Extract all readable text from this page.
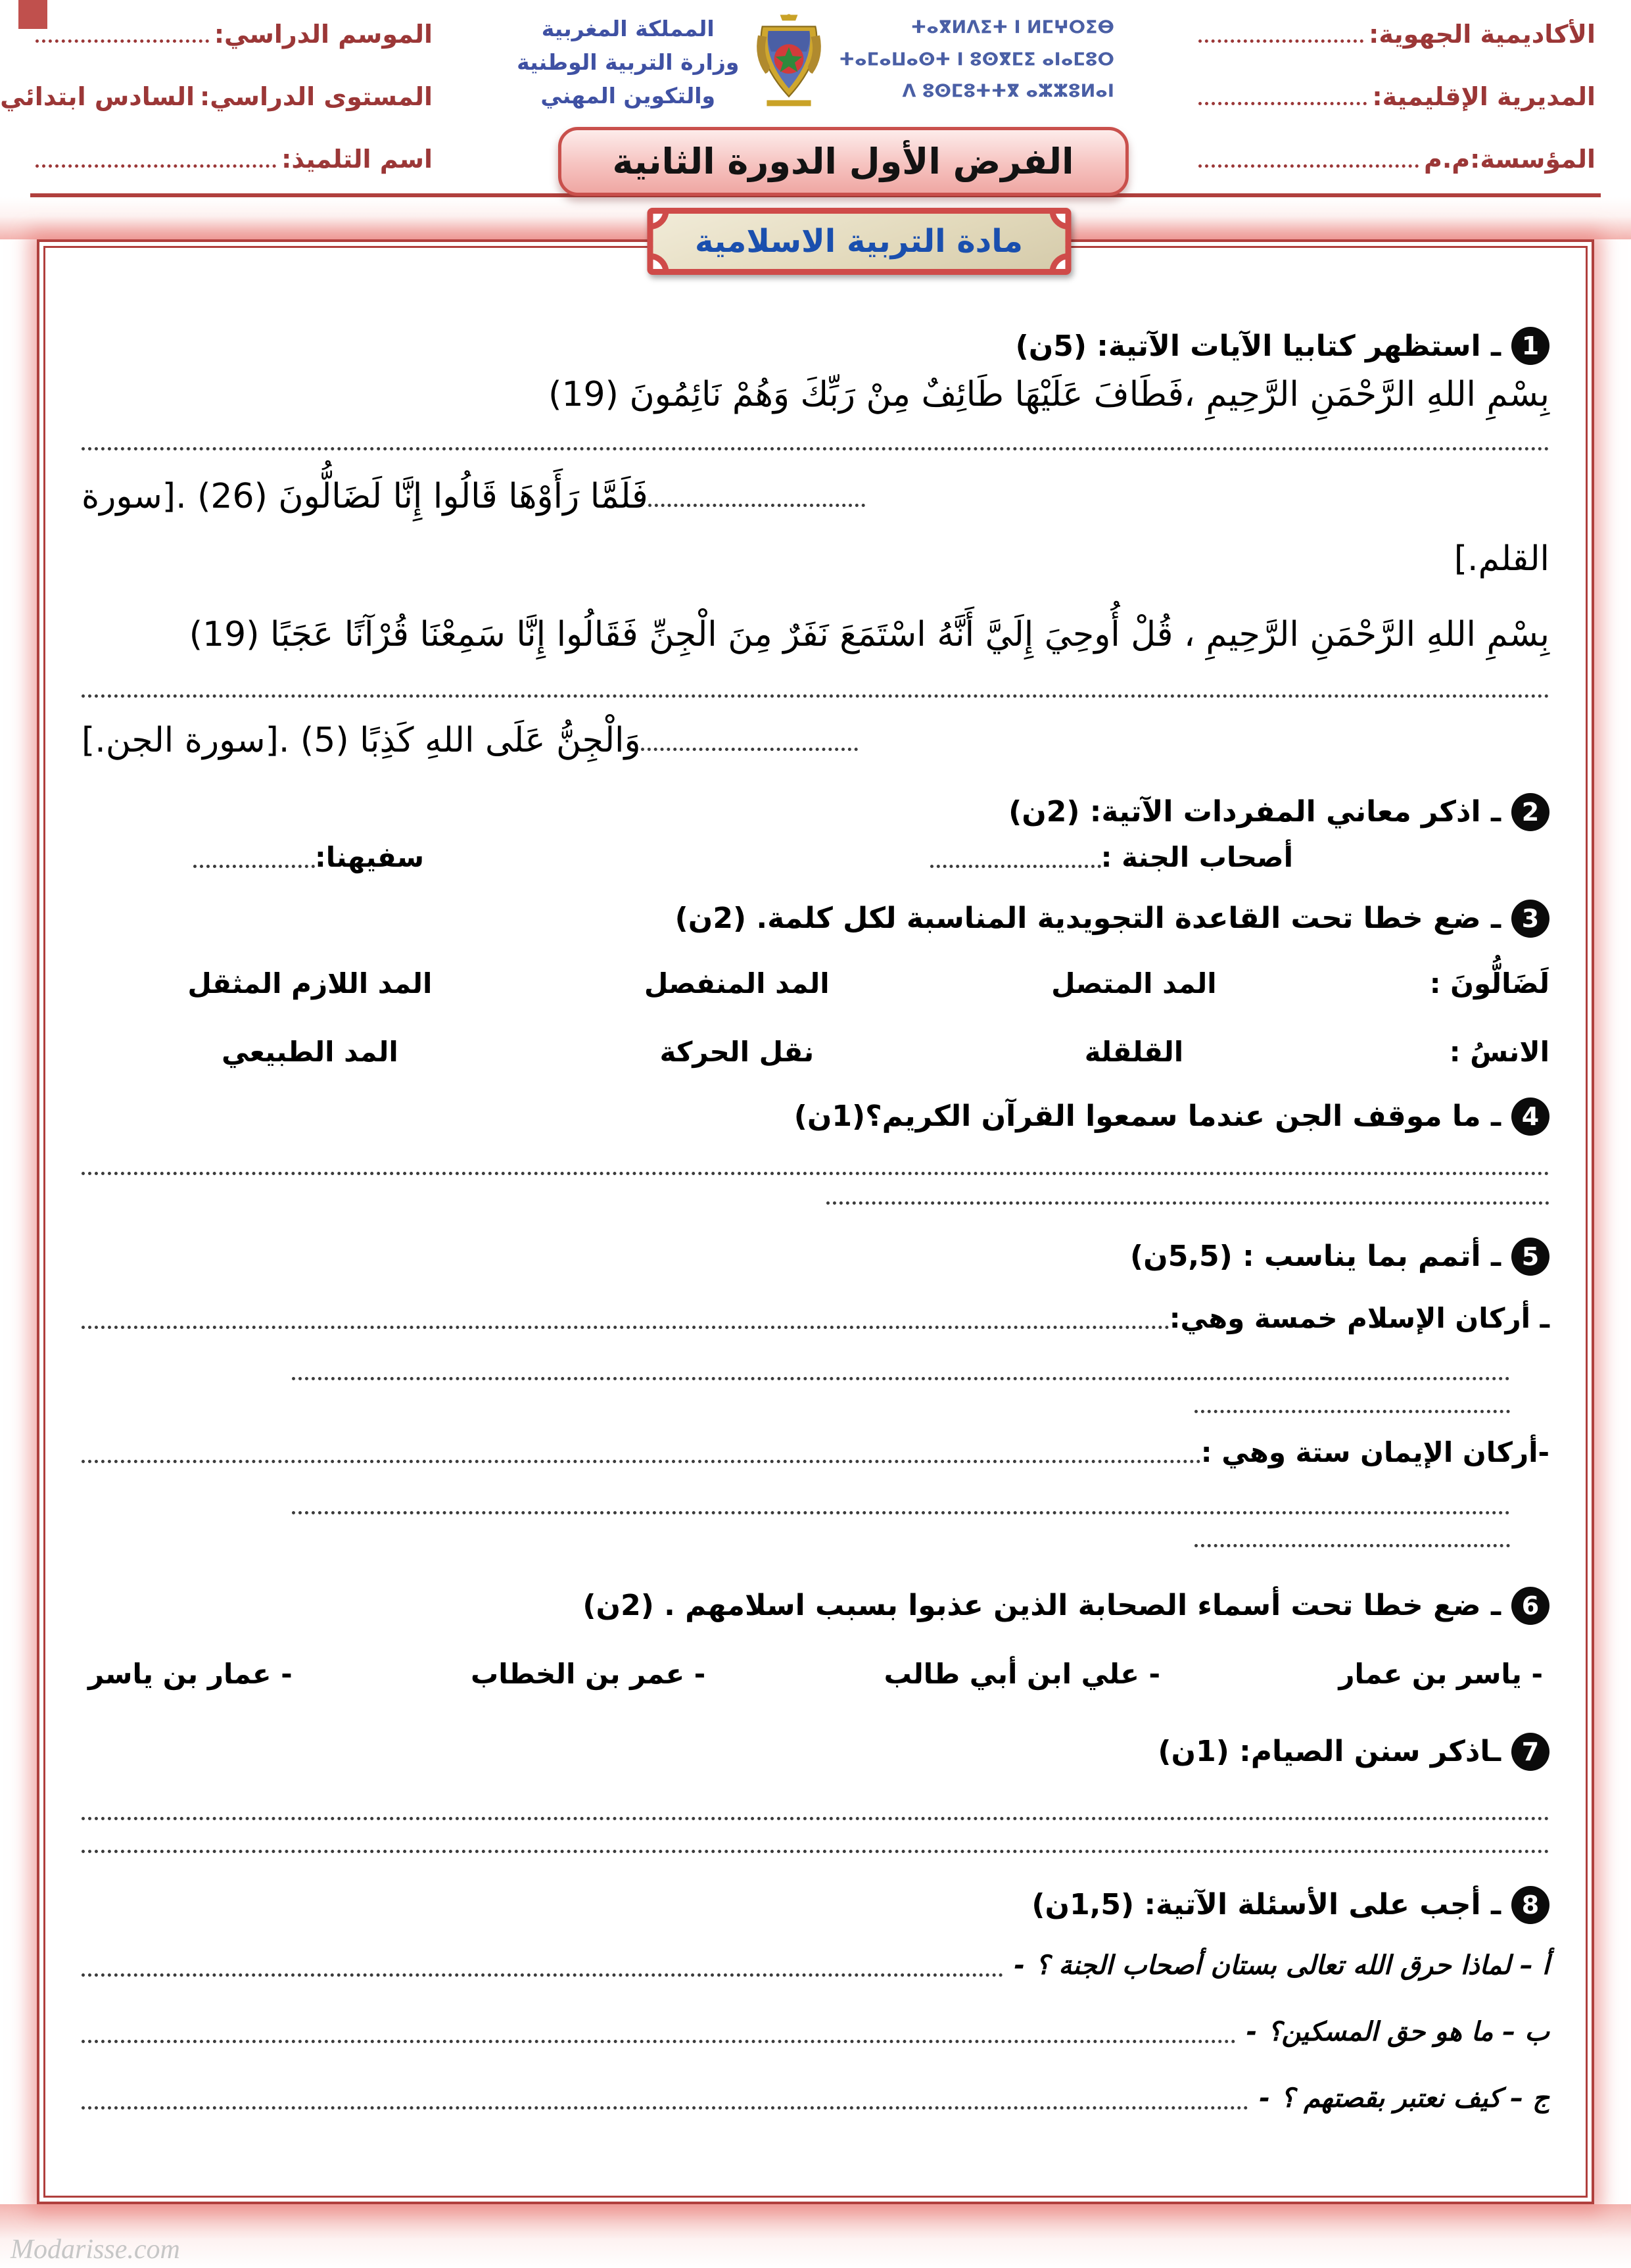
الأكاديمية الجهوية:
المديرية الإقليمية:
المؤسسة:م.م
المملكة المغربية
وزارة التربية الوطنية
والتكوين المهني
ⵜⴰⴳⵍⴷⵉⵜ ⵏ ⵍⵎⵖⵔⵉⴱ
ⵜⴰⵎⴰⵡⴰⵙⵜ ⵏ ⵓⵙⴳⵎⵉ ⴰⵏⴰⵎⵓⵔ
ⴷ ⵓⵙⵎⵓⵜⵜⴳ ⴰⵣⵣⵓⵍⴰⵏ
الفرض الأول الدورة الثانية
الموسم الدراسي:
المستوى الدراسي:
السادس ابتدائي
اسم التلميذ:
مادة التربية الاسلامية
1
ـ استظهر كتابيا الآيات الآتية: (5ن)
بِسْمِ اللهِ الرَّحْمَنِ الرَّحِيمِ ،فَطَافَ عَلَيْهَا طَائِفٌ مِنْ رَبِّكَ وَهُمْ نَائِمُونَ (19)
فَلَمَّا رَأَوْهَا قَالُوا إِنَّا لَضَالُّونَ (26) .[سورة
القلم.]
بِسْمِ اللهِ الرَّحْمَنِ الرَّحِيمِ ، قُلْ أُوحِيَ إِلَيَّ أَنَّهُ اسْتَمَعَ نَفَرٌ مِنَ الْجِنِّ فَقَالُوا إِنَّا سَمِعْنَا قُرْآنًا عَجَبًا (19)
وَالْجِنُّ عَلَى اللهِ كَذِبًا (5) .[سورة الجن.]
2
ـ اذكر معاني المفردات الآتية: (2ن)
أصحاب الجنة :
سفيهنا:
3
ـ ضع خطا تحت القاعدة التجويدية المناسبة لكل كلمة. (2ن)
لَضَالُّونَ :
المد المتصل
المد المنفصل
المد اللازم المثقل
الانسُ :
القلقلة
نقل الحركة
المد الطبيعي
4
ـ ما موقف الجن عندما سمعوا القرآن الكريم؟(1ن)
5
ـ أتمم بما يناسب : (5,5ن)
ـ أركان الإسلام خمسة وهي:
-أركان الإيمان ستة وهي :
6
ـ ضع خطا تحت أسماء الصحابة الذين عذبوا بسبب اسلامهم . (2ن)
- ياسر بن عمار
- علي ابن أبي طالب
- عمر بن الخطاب
- عمار بن ياسر
7
ـاذكر سنن الصيام: (1ن)
8
ـ أجب على الأسئلة الآتية: (1,5ن)
أ – لماذا حرق الله تعالى بستان أصحاب الجنة ؟
-
ب – ما هو حق المسكين؟
-
ج – كيف نعتبر بقصتهم ؟
-
Modarisse.com
